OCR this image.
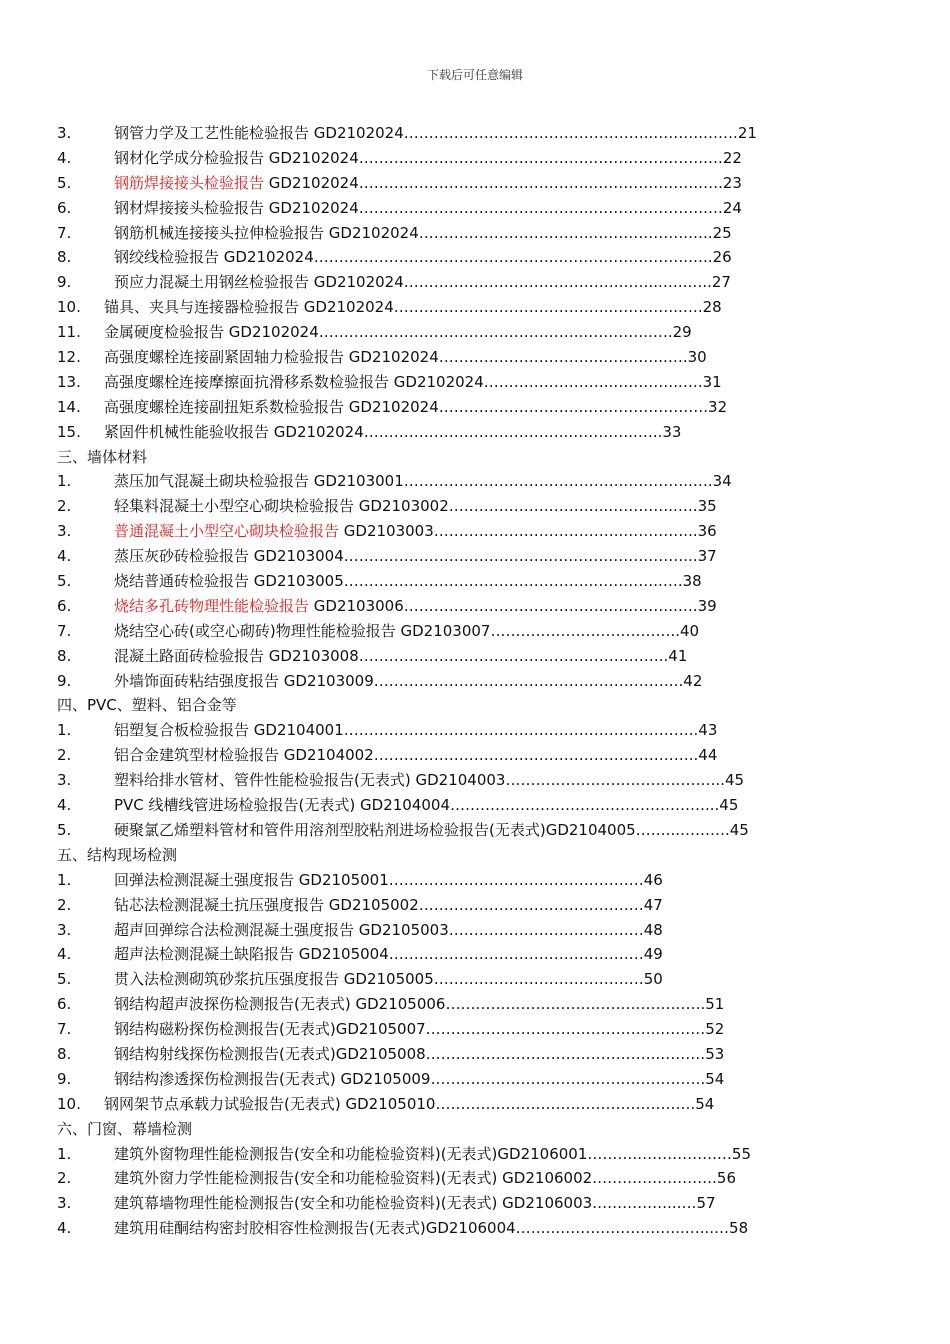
下载后可任意编辑
3.	钢管力学及工艺性能检验报告 GD2102024…………………………………………..……….…….21
4.	钢材化学成分检验报告 GD2102024………………………………………..………………….….22
5.	钢筋焊接接头检验报告 GD2102024………………………………………..………………….….23
6.	钢材焊接接头检验报告 GD2102024………………………………………..………………….….24
7.	钢筋机械连接接头拉伸检验报告 GD2102024……………………………..……………….…..25
8.	钢绞线检验报告 GD2102024…………………………………………..…………………….…..26
9.	预应力混凝土用钢丝检验报告 GD2102024…………………………………….……...…..…..27
10. 锚具、夹具与连接器检验报告 GD2102024……………………………………..…………..….28
11. 金属硬度检验报告 GD2102024……………………………………………..…………..….29
12. 高强度螺栓连接副紧固轴力检验报告 GD2102024…………………………..…………..….30
13. 高强度螺栓连接摩擦面抗滑移系数检验报告 GD2102024……………………..…………..….31
14. 高强度螺栓连接副扭矩系数检验报告 GD2102024………………………..…………………….32
15. 紧固件机械性能验收报告 GD2102024…………………………………..…………..…..33
三、墙体材料
1.	蒸压加气混凝土砌块检验报告 GD2103001……………………………………..…………..….34
2.	轻集料混凝土小型空心砌块检验报告 GD2103002…………………………..…………..….35
3.	普通混凝土小型空心砌块检验报告 GD2103003………………………………..…………...36
4.	蒸压灰砂砖检验报告 GD2103004…………………………………..………………………...37
5.	烧结普通砖检验报告 GD2103005…………………………………………..…………..….38
6.	烧结多孔砖物理性能检验报告 GD2103006…………………………………..…………..….39
7.	烧结空心砖(或空心砌砖)物理性能检验报告 GD2103007………………………………..40
8.	混凝土路面砖检验报告 GD2103008……………………………………………………..41
9.	外墙饰面砖粘结强度报告 GD2103009……………………………………………………..42
四、PVC、塑料、铝合金等
1.	铝塑复合板检验报告 GD2104001……………………………………………………………..43
2.	铝合金建筑型材检验报告 GD2104002………………………………………………………..44
3.	塑料给排水管材、管件性能检验报告(无表式) GD2104003……………………………………..45
4.	PVC 线槽线管进场检验报告(无表式) GD2104004……………………………………………...45
5.	硬聚氯乙烯塑料管材和管件用溶剂型胶粘剂进场检验报告(无表式)GD2104005……...……….45
五、结构现场检测
1.	回弹法检测混凝土强度报告 GD2105001……………………………………………46
2.	钻芯法检测混凝土抗压强度报告 GD2105002………………………………………47
3.	超声回弹综合法检测混凝土强度报告 GD2105003…………………………………48
4.	超声法检测混凝土缺陷报告 GD2105004……………………………………………49
5.	贯入法检测砌筑砂浆抗压强度报告 GD2105005……………………………………50
6.	钢结构超声波探伤检测报告(无表式) GD2105006…………………………………………….51
7.	钢结构磁粉探伤检测报告(无表式)GD2105007………………………………………..………52
8.	钢结构射线探伤检测报告(无表式)GD2105008………………………………………..………53
9.	钢结构渗透探伤检测报告(无表式) GD2105009……………………………………………….54
10. 钢网架节点承载力试验报告(无表式) GD2105010…………………………………………….54
六、门窗、幕墙检测
1.	建筑外窗物理性能检测报告(安全和功能检验资料)(无表式)GD2106001……….…………….…55
2.	建筑外窗力学性能检测报告(安全和功能检验资料)(无表式) GD2106002…………………….56
3.	建筑幕墙物理性能检测报告(安全和功能检验资料)(无表式) GD2106003……………...…57
4.	建筑用硅酮结构密封胶相容性检测报告(无表式)GD2106004……..……………………..…...…58
